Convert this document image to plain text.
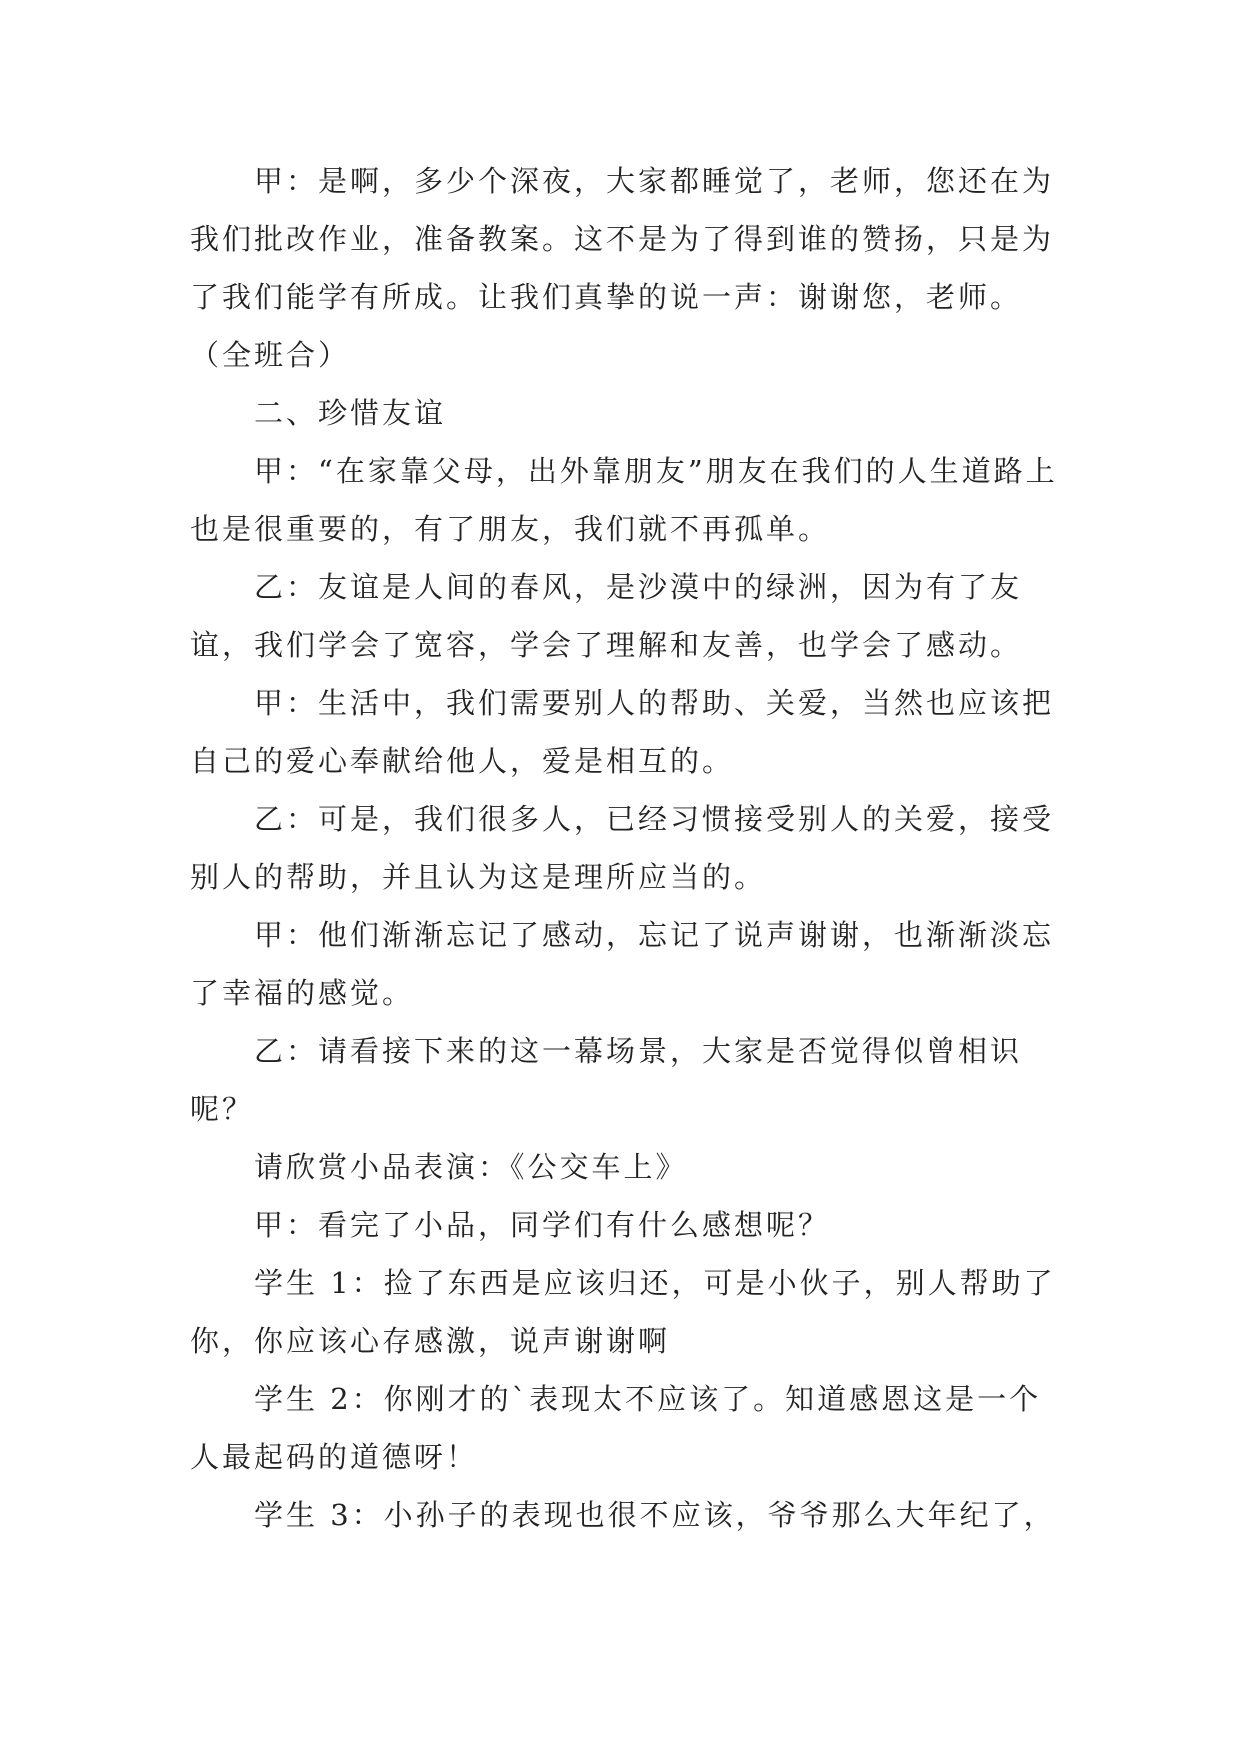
甲：是啊，多少个深夜，大家都睡觉了，老师，您还在为我们批改作业，准备教案。这不是为了得到谁的赞扬，只是为了我们能学有所成。让我们真挚的说一声：谢谢您，老师。（全班合）

二、珍惜友谊

甲：“在家靠父母，出外靠朋友”朋友在我们的人生道路上也是很重要的，有了朋友，我们就不再孤单。

乙：友谊是人间的春风，是沙漠中的绿洲，因为有了友谊，我们学会了宽容，学会了理解和友善，也学会了感动。

甲：生活中，我们需要别人的帮助、关爱，当然也应该把自己的爱心奉献给他人，爱是相互的。

乙：可是，我们很多人，已经习惯接受别人的关爱，接受别人的帮助，并且认为这是理所应当的。

甲：他们渐渐忘记了感动，忘记了说声谢谢，也渐渐淡忘了幸福的感觉。

乙：请看接下来的这一幕场景，大家是否觉得似曾相识呢？

请欣赏小品表演：《公交车上》

甲：看完了小品，同学们有什么感想呢？

学生 1：捡了东西是应该归还，可是小伙子，别人帮助了你，你应该心存感激，说声谢谢啊

学生 2：你刚才的`表现太不应该了。知道感恩这是一个人最起码的道德呀！

学生 3：小孙子的表现也很不应该，爷爷那么大年纪了，
